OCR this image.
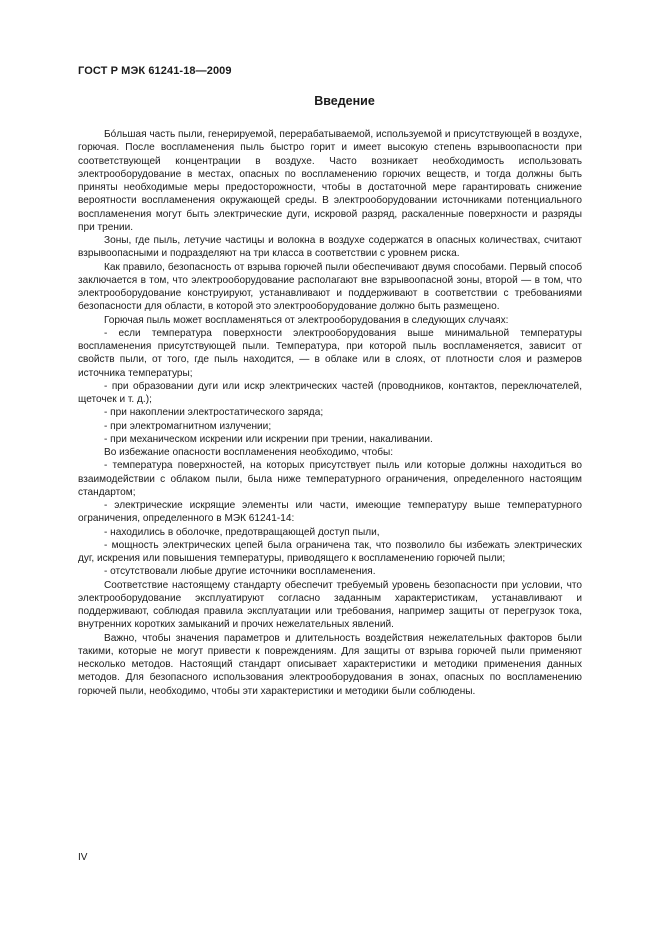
ГОСТ Р МЭК 61241-18—2009
Введение

Бóльшая часть пыли, генерируемой, перерабатываемой, используемой и присутствующей в воздухе, горючая. После воспламенения пыль быстро горит и имеет высокую степень взрывоопасности при соответствующей концентрации в воздухе. Часто возникает необходимость использовать электрооборудование в местах, опасных по воспламенению горючих веществ, и тогда должны быть приняты необходимые меры предосторожности, чтобы в достаточной мере гарантировать снижение вероятности воспламенения окружающей среды. В электрооборудовании источниками потенциального воспламенения могут быть электрические дуги, искровой разряд, раскаленные поверхности и разряды при трении.

Зоны, где пыль, летучие частицы и волокна в воздухе содержатся в опасных количествах, считают взрывоопасными и подразделяют на три класса в соответствии с уровнем риска.

Как правило, безопасность от взрыва горючей пыли обеспечивают двумя способами. Первый способ заключается в том, что электрооборудование располагают вне взрывоопасной зоны, второй — в том, что электрооборудование конструируют, устанавливают и поддерживают в соответствии с требованиями безопасности для области, в которой это электрооборудование должно быть размещено.

Горючая пыль может воспламеняться от электрооборудования в следующих случаях:

- если температура поверхности электрооборудования выше минимальной температуры воспламенения присутствующей пыли. Температура, при которой пыль воспламеняется, зависит от свойств пыли, от того, где пыль находится, — в облаке или в слоях, от плотности слоя и размеров источника температуры;

- при образовании дуги или искр электрических частей (проводников, контактов, переключателей, щеточек и т. д.);

- при накоплении электростатического заряда;

- при электромагнитном излучении;

- при механическом искрении или искрении при трении, накаливании.

Во избежание опасности воспламенения необходимо, чтобы:

- температура поверхностей, на которых присутствует пыль или которые должны находиться во взаимодействии с облаком пыли, была ниже температурного ограничения, определенного настоящим стандартом;

- электрические искрящие элементы или части, имеющие температуру выше температурного ограничения, определенного в МЭК 61241-14:

- находились в оболочке, предотвращающей доступ пыли,

- мощность электрических цепей была ограничена так, что позволило бы избежать электрических дуг, искрения или повышения температуры, приводящего к воспламенению горючей пыли;

- отсутствовали любые другие источники воспламенения.

Соответствие настоящему стандарту обеспечит требуемый уровень безопасности при условии, что электрооборудование эксплуатируют согласно заданным характеристикам, устанавливают и поддерживают, соблюдая правила эксплуатации или требования, например защиты от перегрузок тока, внутренних коротких замыканий и прочих нежелательных явлений.

Важно, чтобы значения параметров и длительность воздействия нежелательных факторов были такими, которые не могут привести к повреждениям. Для защиты от взрыва горючей пыли применяют несколько методов. Настоящий стандарт описывает характеристики и методики применения данных методов. Для безопасного использования электрооборудования в зонах, опасных по воспламенению горючей пыли, необходимо, чтобы эти характеристики и методики были соблюдены.

IV
